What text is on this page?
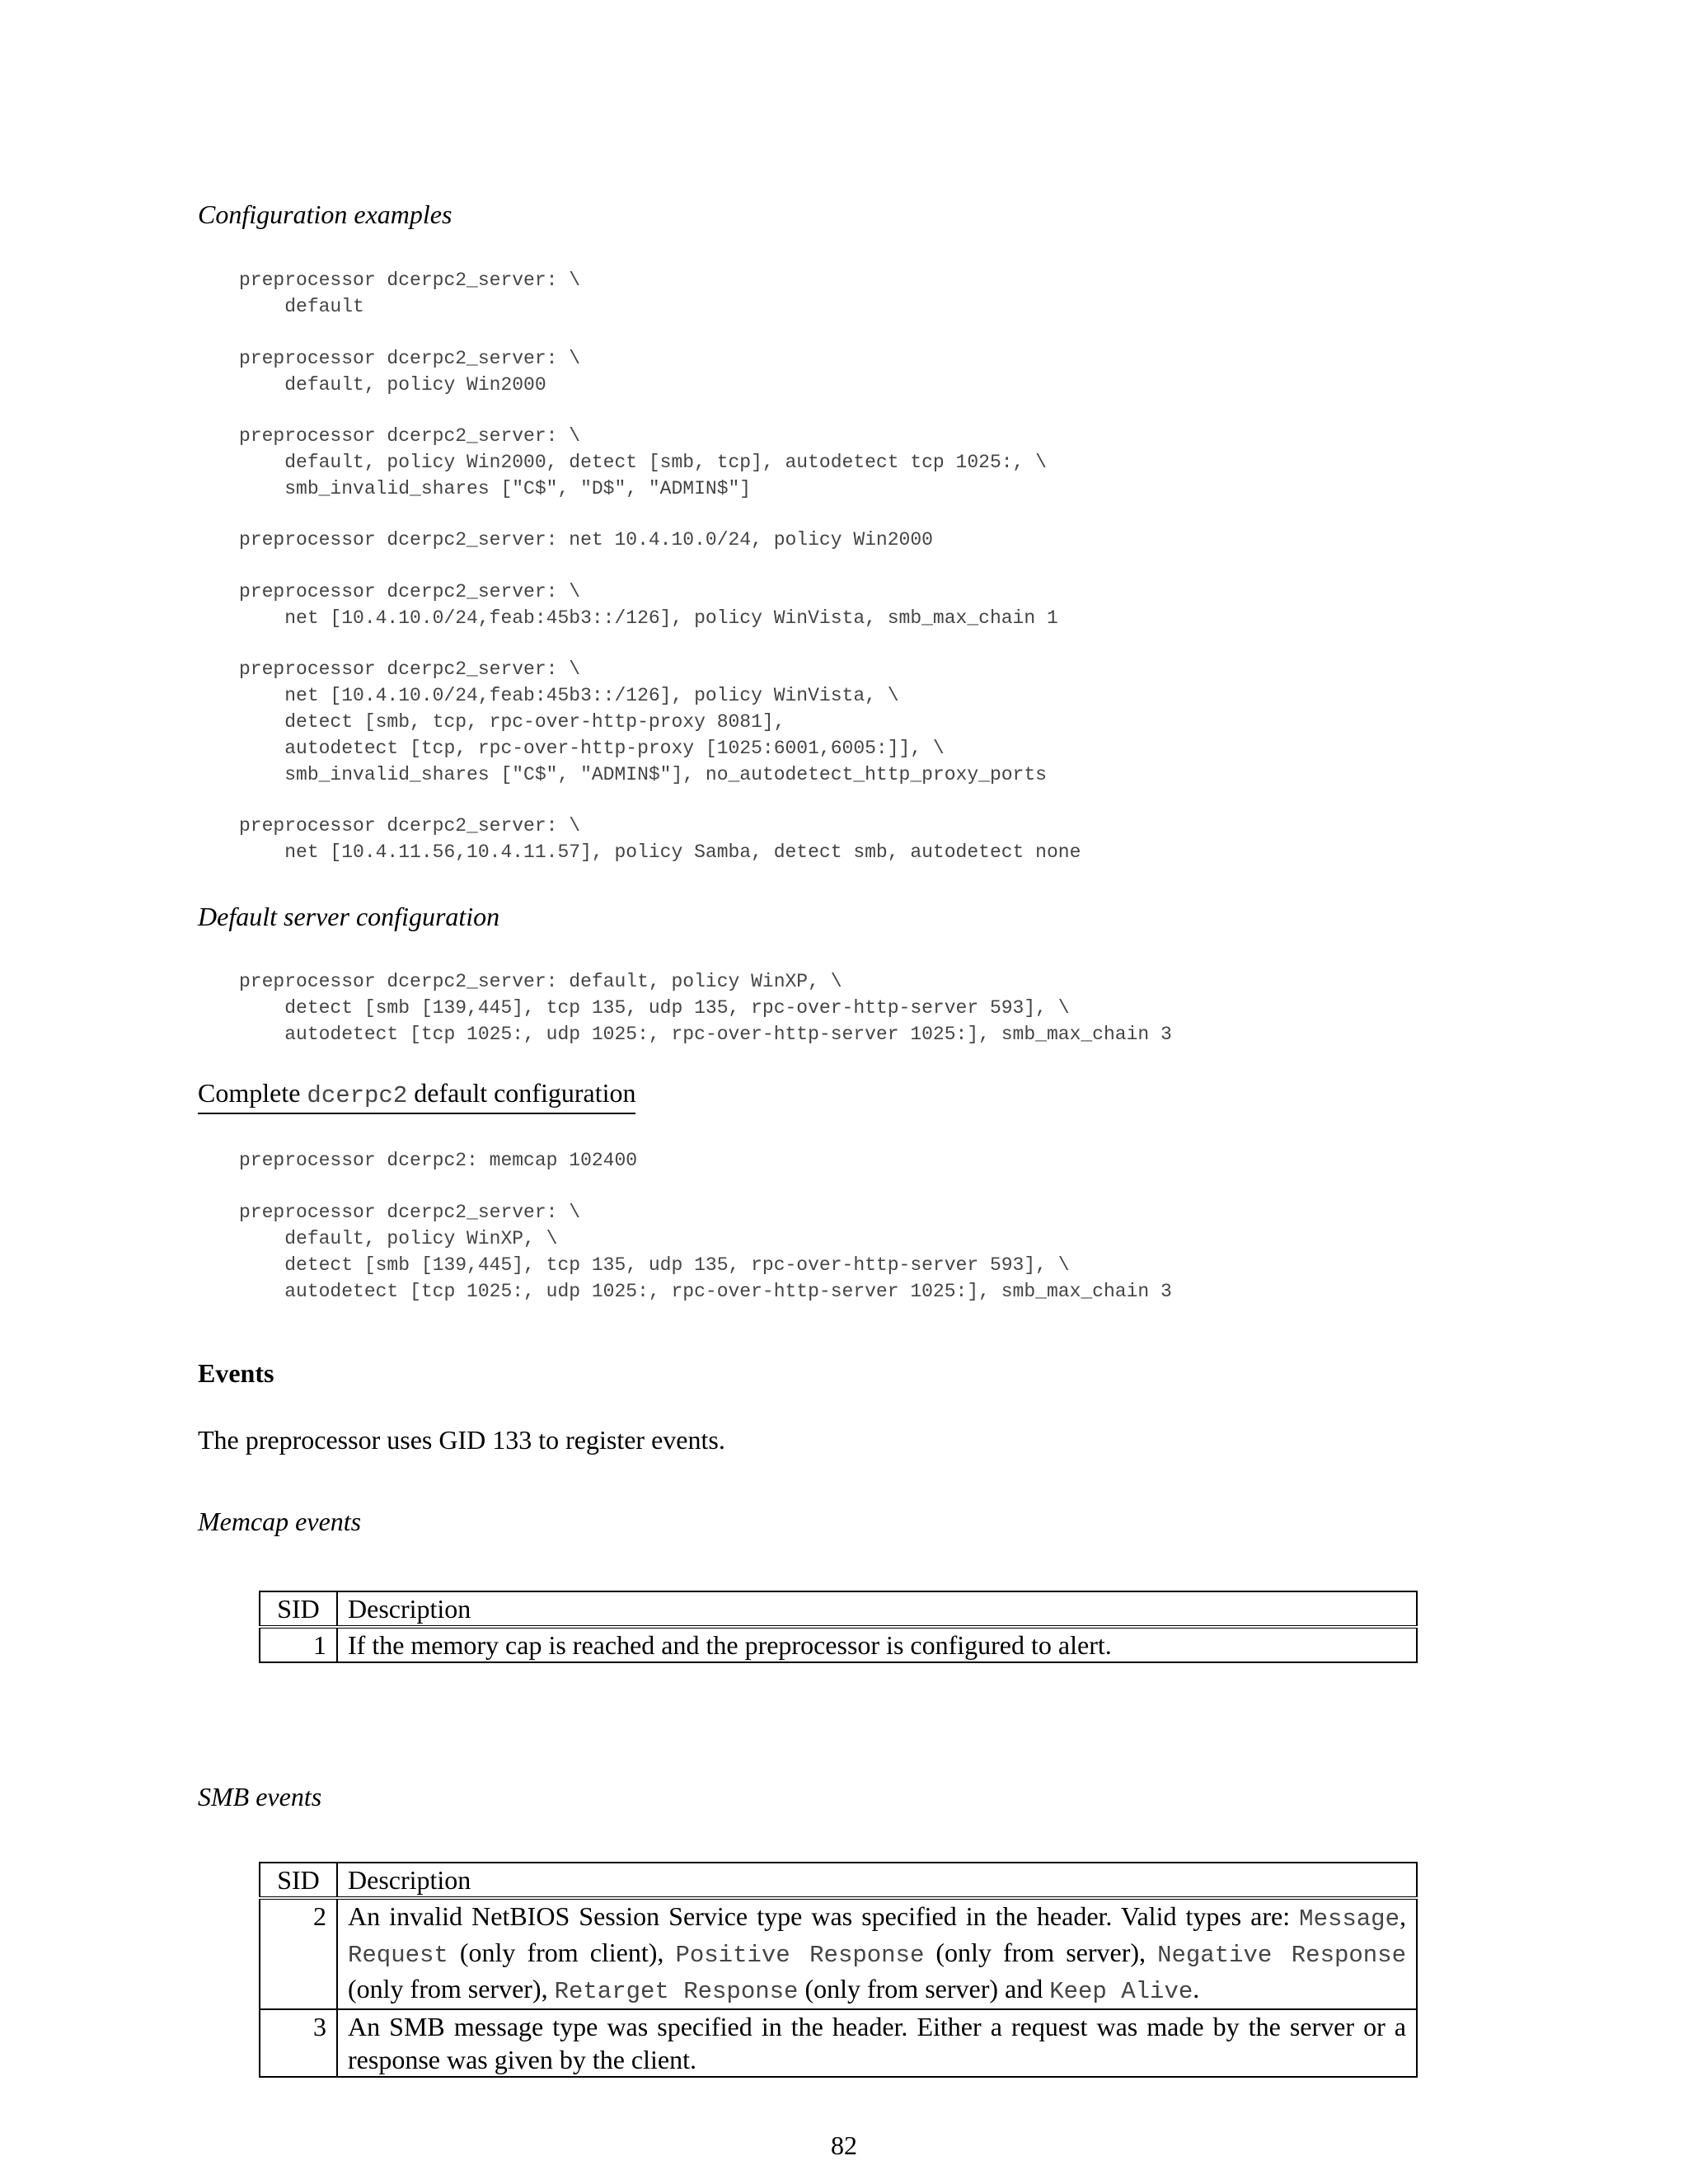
Configuration examples
preprocessor dcerpc2_server: \
default
preprocessor dcerpc2_server: \
default, policy Win2000
preprocessor dcerpc2_server: \
default, policy Win2000, detect [smb, tcp], autodetect tcp 1025:, \
smb_invalid_shares ["C$", "D$", "ADMIN$"]
preprocessor dcerpc2_server: net 10.4.10.0/24, policy Win2000
preprocessor dcerpc2_server: \
net [10.4.10.0/24,feab:45b3::/126], policy WinVista, smb_max_chain 1
preprocessor dcerpc2_server: \
net [10.4.10.0/24,feab:45b3::/126], policy WinVista, \
detect [smb, tcp, rpc-over-http-proxy 8081],
autodetect [tcp, rpc-over-http-proxy [1025:6001,6005:]], \
smb_invalid_shares ["C$", "ADMIN$"], no_autodetect_http_proxy_ports
preprocessor dcerpc2_server: \
net [10.4.11.56,10.4.11.57], policy Samba, detect smb, autodetect none
Default server configuration
preprocessor dcerpc2_server: default, policy WinXP, \
detect [smb [139,445], tcp 135, udp 135, rpc-over-http-server 593], \
autodetect [tcp 1025:, udp 1025:, rpc-over-http-server 1025:], smb_max_chain 3
Complete dcerpc2 default configuration
preprocessor dcerpc2: memcap 102400
preprocessor dcerpc2_server: \
default, policy WinXP, \
detect [smb [139,445], tcp 135, udp 135, rpc-over-http-server 593], \
autodetect [tcp 1025:, udp 1025:, rpc-over-http-server 1025:], smb_max_chain 3
Events
The preprocessor uses GID 133 to register events.
Memcap events
SID	Description
1	If the memory cap is reached and the preprocessor is configured to alert.
SMB events
SID	Description
2	An invalid NetBIOS Session Service type was specified in the header. Valid types are: Message, Request (only from client), Positive Response (only from server), Negative Response (only from server), Retarget Response (only from server) and Keep Alive.
3	An SMB message type was specified in the header. Either a request was made by the server or a response was given by the client.
82
